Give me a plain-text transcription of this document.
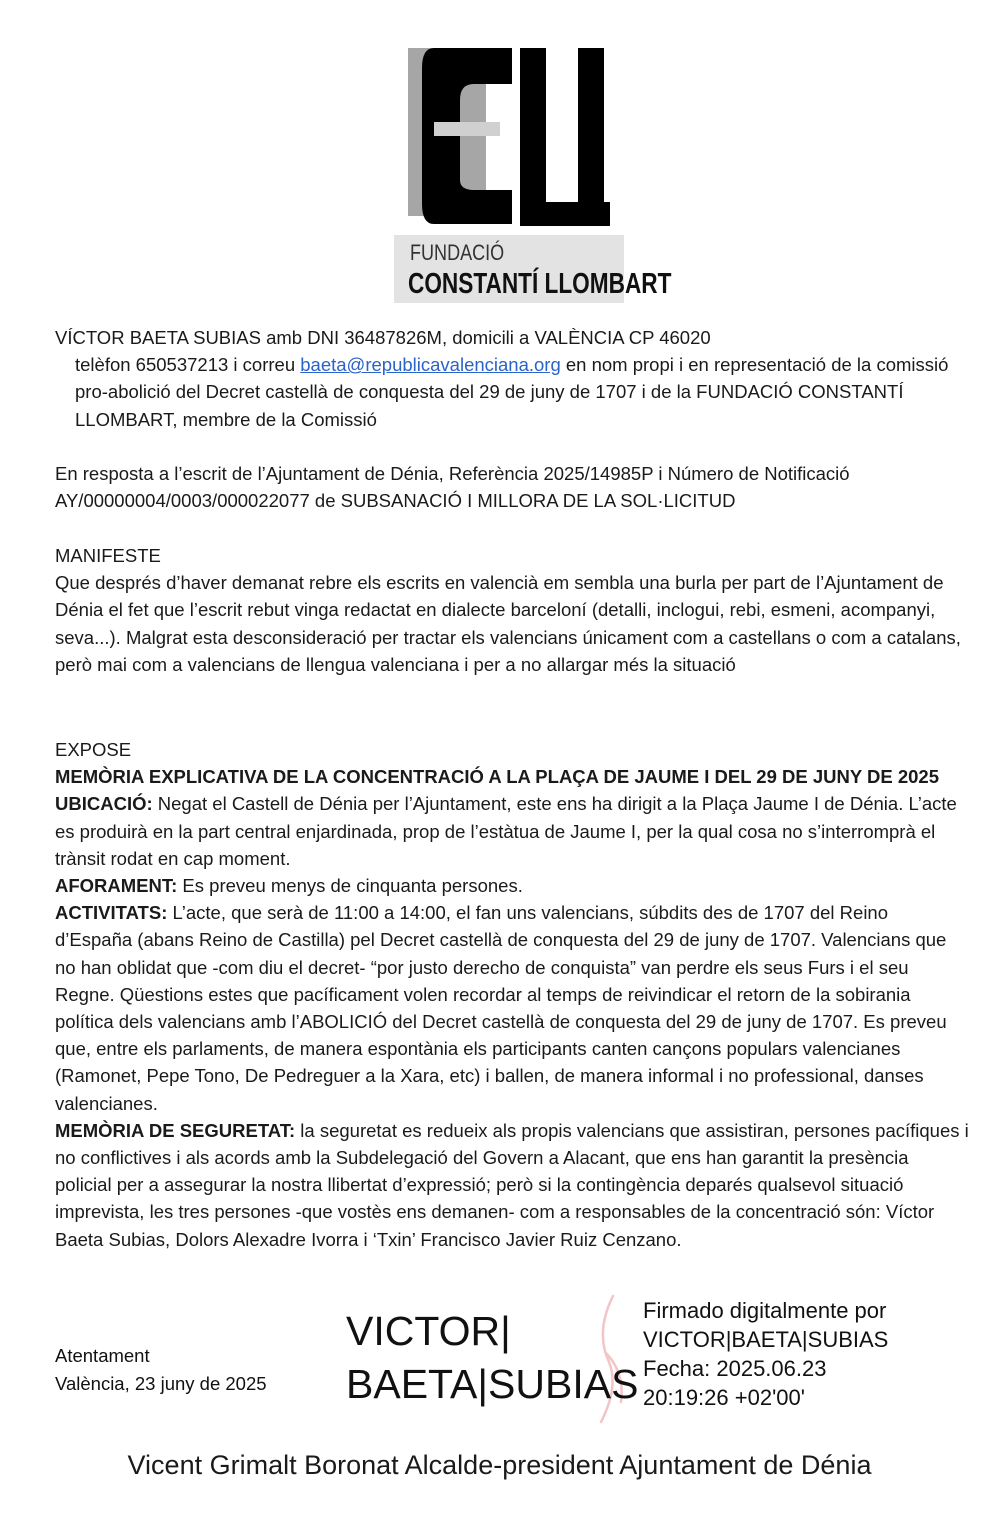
FUNDACIÓ
CONSTANTÍ LLOMBART

VÍCTOR BAETA SUBIAS amb DNI 36487826M, domicili a VALÈNCIA CP 46020

telèfon 650537213 i correu baeta@republicavalenciana.org en nom propi i en representació de la comissió pro-abolició del Decret castellà de conquesta del 29 de juny de 1707 i de la FUNDACIÓ CONSTANTÍ LLOMBART, membre de la Comissió

En resposta a l’escrit de l’Ajuntament de Dénia, Referència 2025/14985P i Número de Notificació AY/00000004/0003/000022077 de SUBSANACIÓ I MILLORA DE LA SOL·LICITUD

MANIFESTE

Que després d’haver demanat rebre els escrits en valencià em sembla una burla per part de l’Ajuntament de Dénia el fet que l’escrit rebut vinga redactat en dialecte barceloní (detalli, inclogui, rebi, esmeni, acompanyi, seva...). Malgrat esta desconsideració per tractar els valencians únicament com a castellans o com a catalans, però mai com a valencians de llengua valenciana i per a no allargar més la situació

EXPOSE

MEMÒRIA EXPLICATIVA DE LA CONCENTRACIÓ A LA PLAÇA DE JAUME I DEL 29 DE JUNY DE 2025

UBICACIÓ: Negat el Castell de Dénia per l’Ajuntament, este ens ha dirigit a la Plaça Jaume I de Dénia. L’acte es produirà en la part central enjardinada, prop de l’estàtua de Jaume I, per la qual cosa no s’interromprà el trànsit rodat en cap moment.

AFORAMENT: Es preveu menys de cinquanta persones.

ACTIVITATS: L’acte, que serà de 11:00 a 14:00, el fan uns valencians, súbdits des de 1707 del Reino d’España (abans Reino de Castilla) pel Decret castellà de conquesta del 29 de juny de 1707. Valencians que no han oblidat que -com diu el decret- “por justo derecho de conquista” van perdre els seus Furs i el seu Regne. Qüestions estes que pacíficament volen recordar al temps de reivindicar el retorn de la sobirania política dels valencians amb l’ABOLICIÓ del Decret castellà de conquesta del 29 de juny de 1707. Es preveu que, entre els parlaments, de manera espontània els participants canten cançons populars valencianes (Ramonet, Pepe Tono, De Pedreguer a la Xara, etc) i ballen, de manera informal i no professional, danses valencianes.

MEMÒRIA DE SEGURETAT: la seguretat es redueix als propis valencians que assistiran, persones pacífiques i no conflictives i als acords amb la Subdelegació del Govern a Alacant, que ens han garantit la presència policial per a assegurar la nostra llibertat d’expressió; però si la contingència deparés qualsevol situació imprevista, les tres persones -que vostès ens demanen- com a responsables de la concentració són: Víctor Baeta Subias, Dolors Alexadre Ivorra i ‘Txin’ Francisco Javier Ruiz Cenzano.

Atentament
València, 23 juny de 2025
VICTOR|
BAETA|SUBIAS
Firmado digitalmente por
VICTOR|BAETA|SUBIAS
Fecha: 2025.06.23
20:19:26 +02'00'
Vicent Grimalt Boronat Alcalde-president Ajuntament de Dénia
